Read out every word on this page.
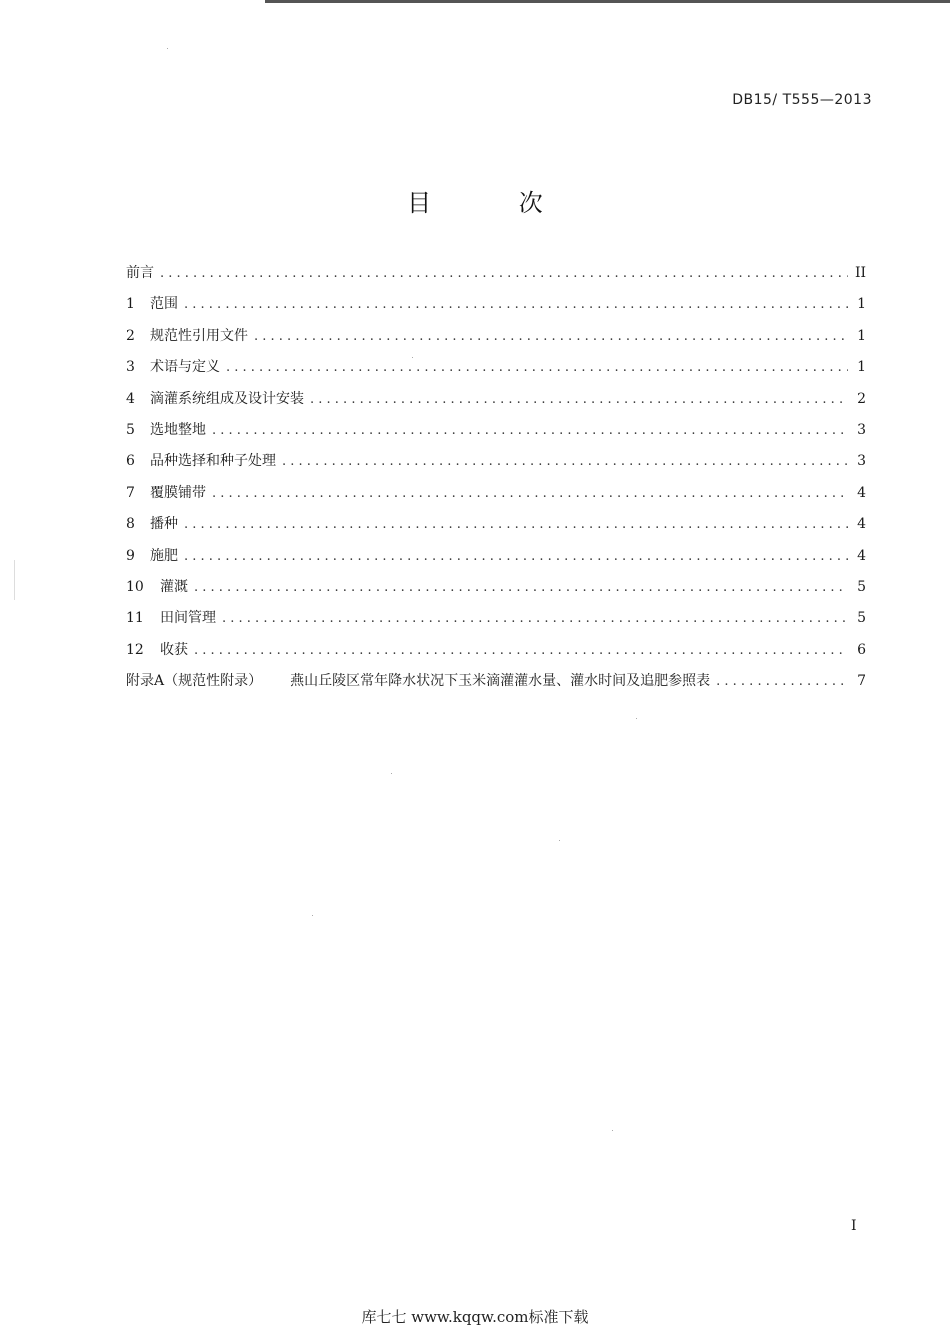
DB15/ T555—2013
目 次
前言 . . .	II
1	范围 . . .	1
2	规范性引用文件 . . .	1
3	术语与定义 . . .	1
4	滴灌系统组成及设计安装 . . .	2
5	选地整地 . . .	3
6	品种选择和种子处理 . . .	3
7	覆膜铺带 . . .	4
8	播种 . . .	4
9	施肥 . . .	4
10	灌溉 . . .	5
11	田间管理 . . .	5
12	收获 . . .	6
附录A（规范性附录） 燕山丘陵区常年降水状况下玉米滴灌灌水量、灌水时间及追肥参照表 . . .	7
I
库七七 www.kqqw.com标准下载
